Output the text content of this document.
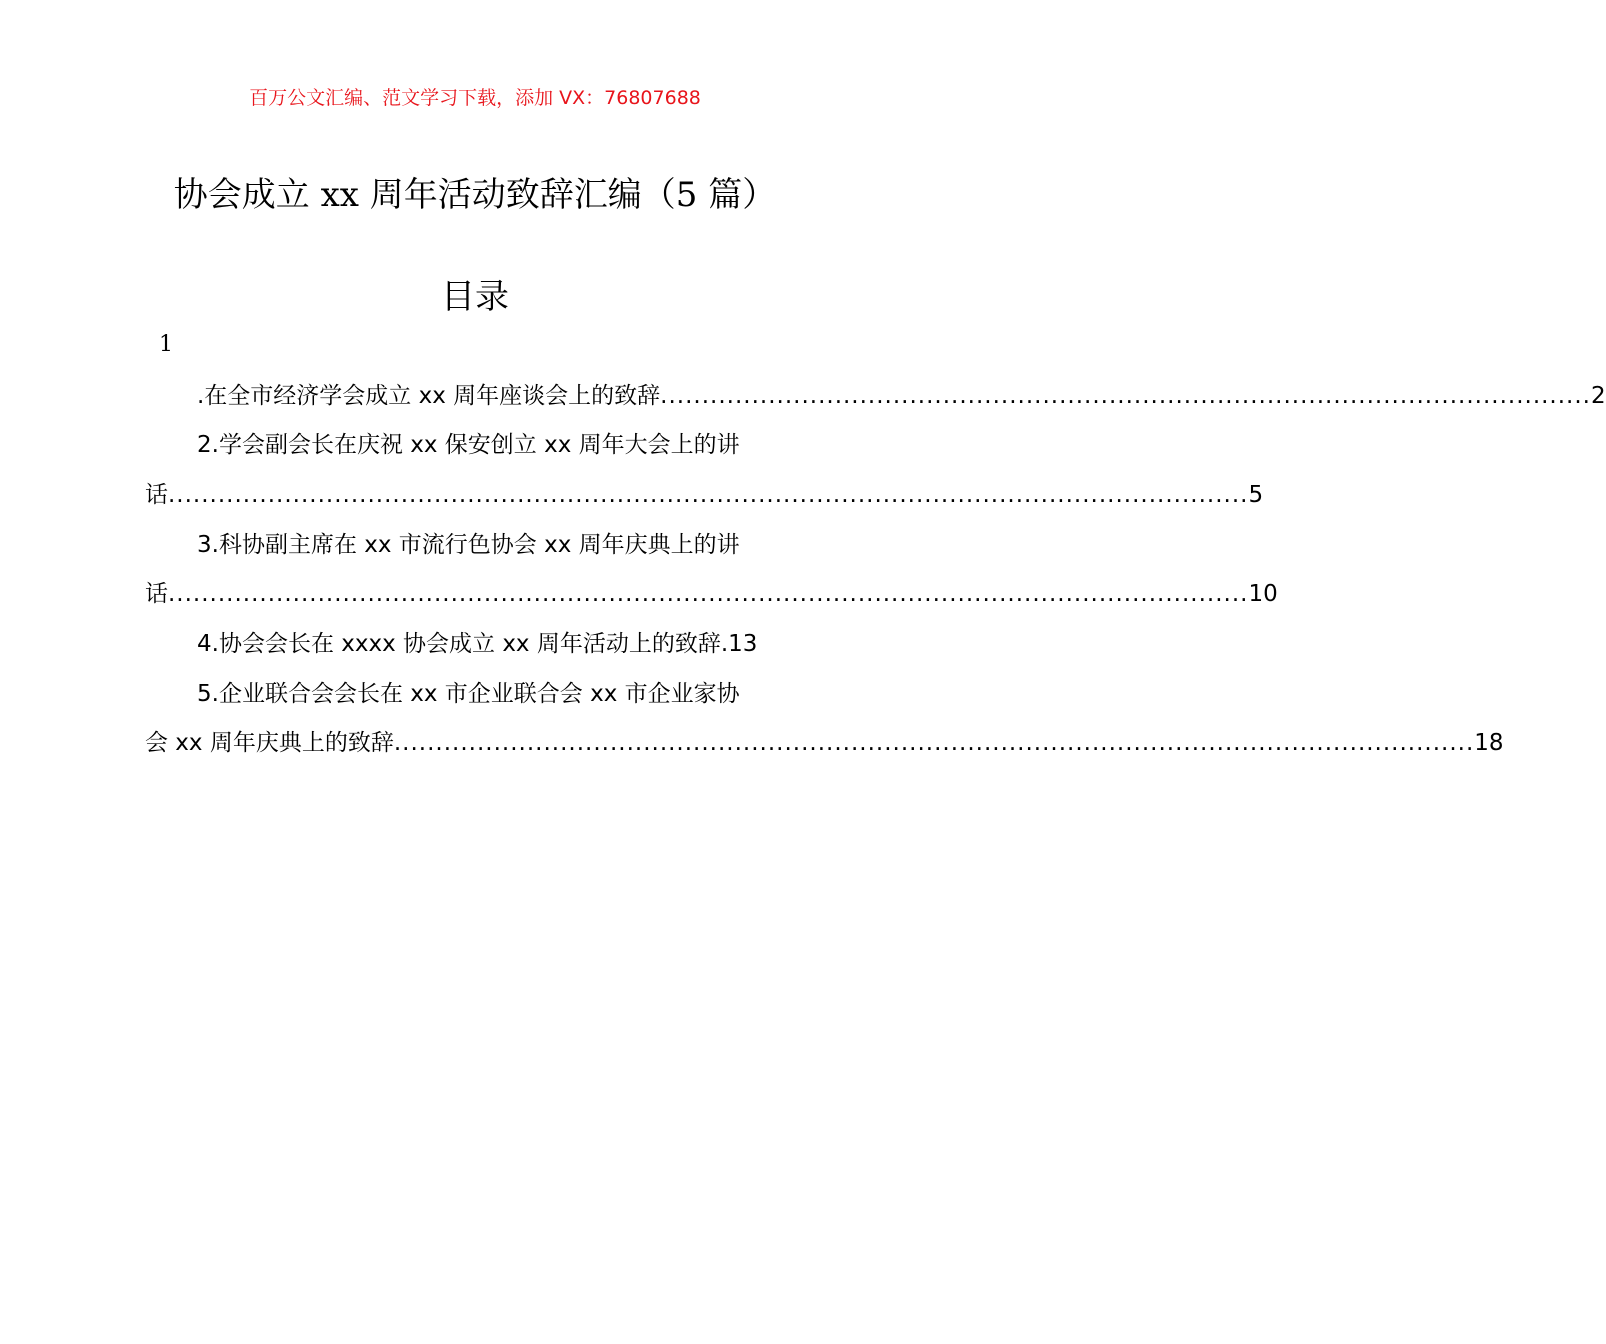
百万公文汇编、范文学习下载，添加 VX：76807688
协会成立 xx 周年活动致辞汇编（5 篇）
目录
1
.在全市经济学会成立 xx 周年座谈会上的致辞 ................................................................................................................ 2
2.学会副会长在庆祝 xx 保安创立 xx 周年大会上的讲
话 .................................................................................................................................. 5
3.科协副主席在 xx 市流行色协会 xx 周年庆典上的讲
话 .................................................................................................................................. 10
4.协会会长在 xxxx 协会成立 xx 周年活动上的致辞. 13
5.企业联合会会长在 xx 市企业联合会 xx 市企业家协
会 xx 周年庆典上的致辞 .................................................................................................................................. 18
